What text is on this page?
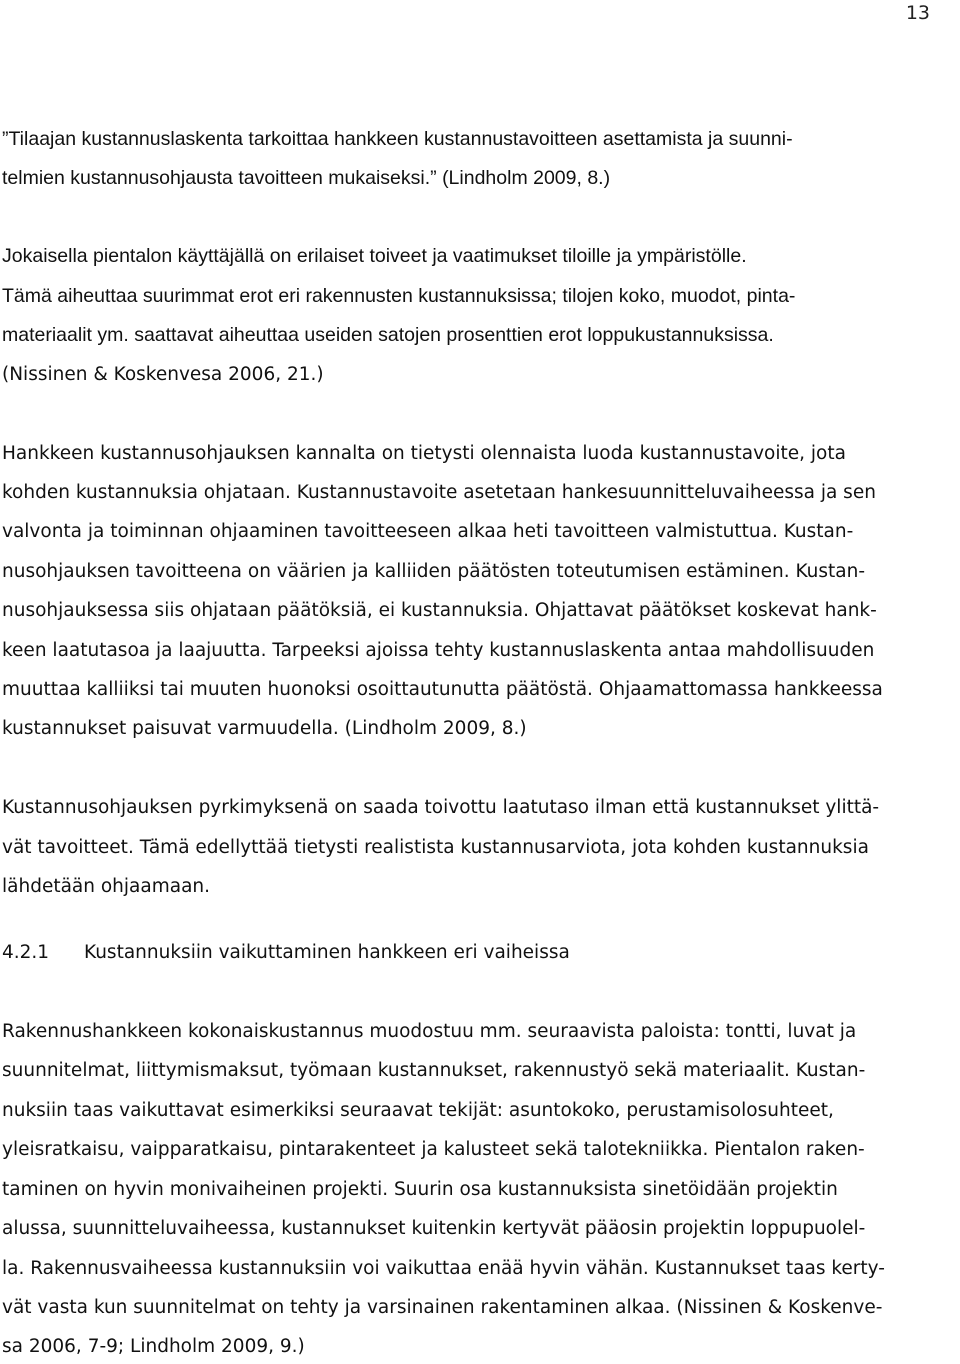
13
”Tilaajan kustannuslaskenta tarkoittaa hankkeen kustannustavoitteen asettamista ja suunni-
telmien kustannusohjausta tavoitteen mukaiseksi.” (Lindholm 2009, 8.)
Jokaisella pientalon käyttäjällä on erilaiset toiveet ja vaatimukset tiloille ja ympäristölle.
Tämä aiheuttaa suurimmat erot eri rakennusten kustannuksissa; tilojen koko, muodot, pinta-
materiaalit ym. saattavat aiheuttaa useiden satojen prosenttien erot loppukustannuksissa.
(Nissinen & Koskenvesa 2006, 21.)
Hankkeen kustannusohjauksen kannalta on tietysti olennaista luoda kustannustavoite, jota
kohden kustannuksia ohjataan. Kustannustavoite asetetaan hankesuunnitteluvaiheessa ja sen
valvonta ja toiminnan ohjaaminen tavoitteeseen alkaa heti tavoitteen valmistuttua. Kustan-
nusohjauksen tavoitteena on väärien ja kalliiden päätösten toteutumisen estäminen. Kustan-
nusohjauksessa siis ohjataan päätöksiä, ei kustannuksia. Ohjattavat päätökset koskevat hank-
keen laatutasoa ja laajuutta. Tarpeeksi ajoissa tehty kustannuslaskenta antaa mahdollisuuden
muuttaa kalliiksi tai muuten huonoksi osoittautunutta päätöstä. Ohjaamattomassa hankkeessa
kustannukset paisuvat varmuudella. (Lindholm 2009, 8.)
Kustannusohjauksen pyrkimyksenä on saada toivottu laatutaso ilman että kustannukset ylittä-
vät tavoitteet. Tämä edellyttää tietysti realistista kustannusarviota, jota kohden kustannuksia
lähdetään ohjaamaan.
4.2.1 Kustannuksiin vaikuttaminen hankkeen eri vaiheissa
Rakennushankkeen kokonaiskustannus muodostuu mm. seuraavista paloista: tontti, luvat ja
suunnitelmat, liittymismaksut, työmaan kustannukset, rakennustyö sekä materiaalit. Kustan-
nuksiin taas vaikuttavat esimerkiksi seuraavat tekijät: asuntokoko, perustamisolosuhteet,
yleisratkaisu, vaipparatkaisu, pintarakenteet ja kalusteet sekä talotekniikka. Pientalon raken-
taminen on hyvin monivaiheinen projekti. Suurin osa kustannuksista sinetöidään projektin
alussa, suunnitteluvaiheessa, kustannukset kuitenkin kertyvät pääosin projektin loppupuolel-
la. Rakennusvaiheessa kustannuksiin voi vaikuttaa enää hyvin vähän. Kustannukset taas kerty-
vät vasta kun suunnitelmat on tehty ja varsinainen rakentaminen alkaa. (Nissinen & Koskenve-
sa 2006, 7-9; Lindholm 2009, 9.)
